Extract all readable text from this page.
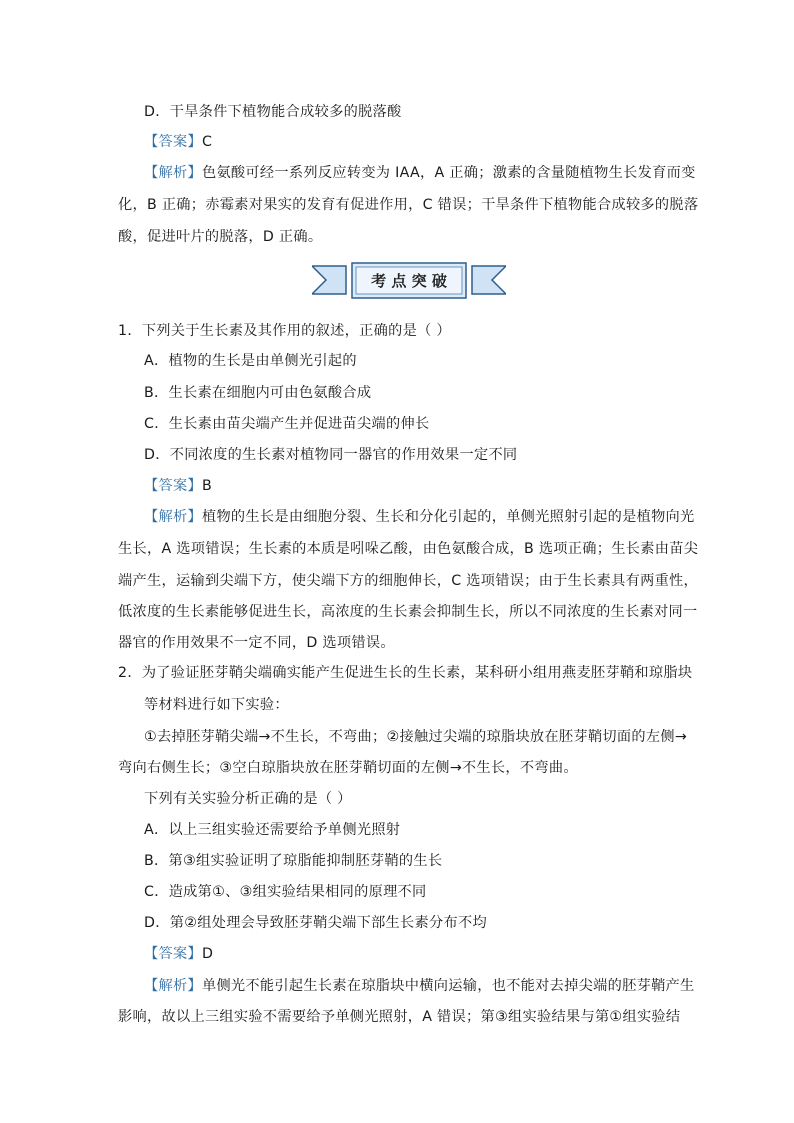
D．干旱条件下植物能合成较多的脱落酸
【答案】C
【解析】色氨酸可经一系列反应转变为 IAA，A 正确；激素的含量随植物生长发育而变
化，B 正确；赤霉素对果实的发育有促进作用，C 错误；干旱条件下植物能合成较多的脱落
酸，促进叶片的脱落，D 正确。
考 点 突 破
1．下列关于生长素及其作用的叙述，正确的是（ ）
A．植物的生长是由单侧光引起的
B．生长素在细胞内可由色氨酸合成
C．生长素由苗尖端产生并促进苗尖端的伸长
D．不同浓度的生长素对植物同一器官的作用效果一定不同
【答案】B
【解析】植物的生长是由细胞分裂、生长和分化引起的，单侧光照射引起的是植物向光
生长，A 选项错误；生长素的本质是吲哚乙酸，由色氨酸合成，B 选项正确；生长素由苗尖
端产生，运输到尖端下方，使尖端下方的细胞伸长，C 选项错误；由于生长素具有两重性，
低浓度的生长素能够促进生长，高浓度的生长素会抑制生长，所以不同浓度的生长素对同一
器官的作用效果不一定不同，D 选项错误。
2．为了验证胚芽鞘尖端确实能产生促进生长的生长素，某科研小组用燕麦胚芽鞘和琼脂块
等材料进行如下实验：
①去掉胚芽鞘尖端→不生长，不弯曲；②接触过尖端的琼脂块放在胚芽鞘切面的左侧→
弯向右侧生长；③空白琼脂块放在胚芽鞘切面的左侧→不生长，不弯曲。
下列有关实验分析正确的是（ ）
A．以上三组实验还需要给予单侧光照射
B．第③组实验证明了琼脂能抑制胚芽鞘的生长
C．造成第①、③组实验结果相同的原理不同
D．第②组处理会导致胚芽鞘尖端下部生长素分布不均
【答案】D
【解析】单侧光不能引起生长素在琼脂块中横向运输，也不能对去掉尖端的胚芽鞘产生
影响，故以上三组实验不需要给予单侧光照射，A 错误；第③组实验结果与第①组实验结
